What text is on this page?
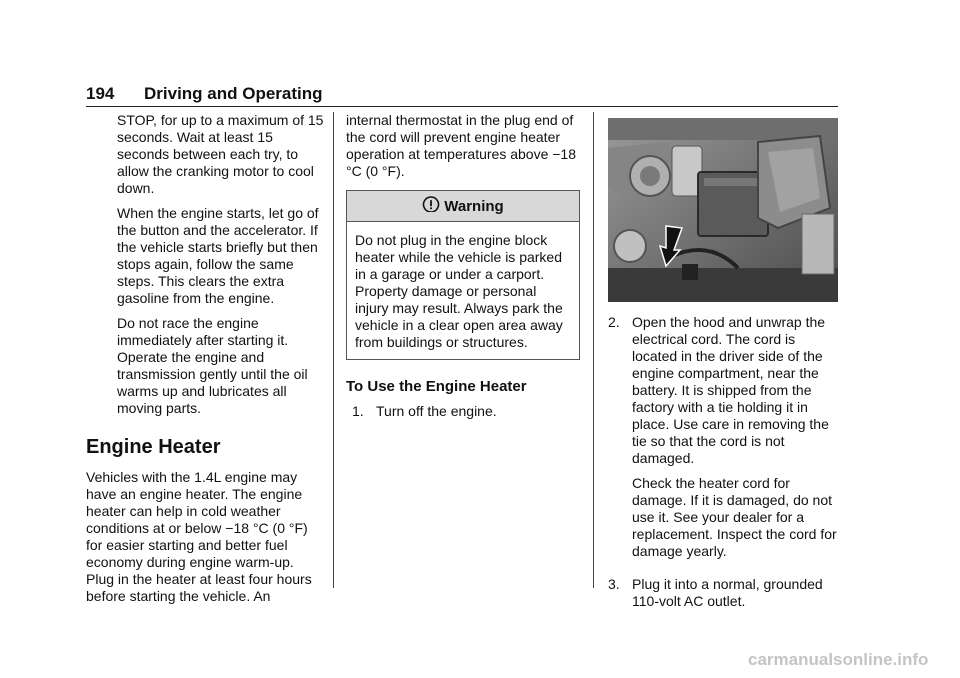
194 Driving and Operating

STOP, for up to a maximum of 15 seconds. Wait at least 15 seconds between each try, to allow the cranking motor to cool down.

When the engine starts, let go of the button and the accelerator. If the vehicle starts briefly but then stops again, follow the same steps. This clears the extra gasoline from the engine.

Do not race the engine immediately after starting it. Operate the engine and transmission gently until the oil warms up and lubricates all moving parts.

Engine Heater

Vehicles with the 1.4L engine may have an engine heater. The engine heater can help in cold weather conditions at or below −18 °C (0 °F) for easier starting and better fuel economy during engine warm-up. Plug in the heater at least four hours before starting the vehicle. An

internal thermostat in the plug end of the cord will prevent engine heater operation at temperatures above −18 °C (0 °F).

Warning
Do not plug in the engine block heater while the vehicle is parked in a garage or under a carport. Property damage or personal injury may result. Always park the vehicle in a clear open area away from buildings or structures.
To Use the Engine Heater
1. Turn off the engine.
2. Open the hood and unwrap the electrical cord. The cord is located in the driver side of the engine compartment, near the battery. It is shipped from the factory with a tie holding it in place. Use care in removing the tie so that the cord is not damaged.

Check the heater cord for damage. If it is damaged, do not use it. See your dealer for a replacement. Inspect the cord for damage yearly.

3. Plug it into a normal, grounded 110-volt AC outlet.
carmanualsonline.info
